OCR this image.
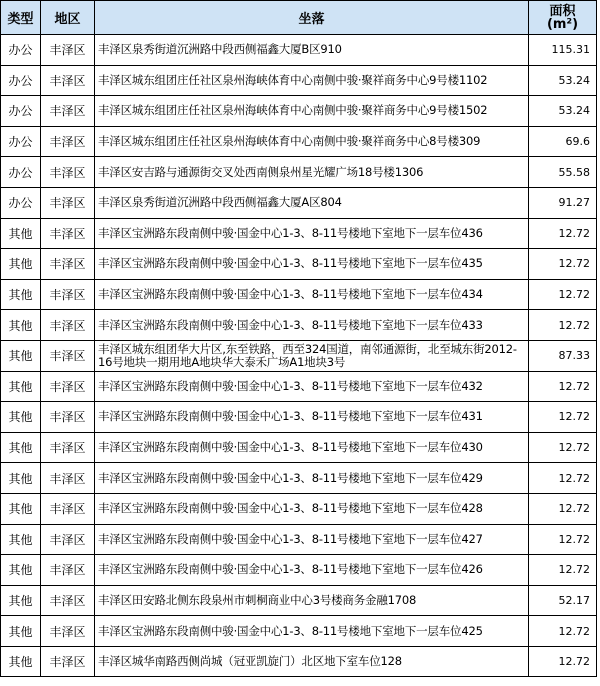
类型	地区	坐落	面积
(m²)

办公	丰泽区	丰泽区泉秀街道沉洲路中段西侧福鑫大厦B区910	115.31
办公	丰泽区	丰泽区城东组团庄任社区泉州海峡体育中心南侧中骏·聚祥商务中心9号楼1102	53.24
办公	丰泽区	丰泽区城东组团庄任社区泉州海峡体育中心南侧中骏·聚祥商务中心9号楼1502	53.24
办公	丰泽区	丰泽区城东组团庄任社区泉州海峡体育中心南侧中骏·聚祥商务中心8号楼309	69.6
办公	丰泽区	丰泽区安吉路与通源街交叉处西南侧泉州星光耀广场18号楼1306	55.58
办公	丰泽区	丰泽区泉秀街道沉洲路中段西侧福鑫大厦A区804	91.27
其他	丰泽区	丰泽区宝洲路东段南侧中骏·国金中心1-3、8-11号楼地下室地下一层车位436	12.72
其他	丰泽区	丰泽区宝洲路东段南侧中骏·国金中心1-3、8-11号楼地下室地下一层车位435	12.72
其他	丰泽区	丰泽区宝洲路东段南侧中骏·国金中心1-3、8-11号楼地下室地下一层车位434	12.72
其他	丰泽区	丰泽区宝洲路东段南侧中骏·国金中心1-3、8-11号楼地下室地下一层车位433	12.72
其他	丰泽区	丰泽区城东组团华大片区,东至铁路，西至324国道，南邻通源街，北至城东街2012-16号地块一期用地A地块华大泰禾广场A1地块3号	87.33
其他	丰泽区	丰泽区宝洲路东段南侧中骏·国金中心1-3、8-11号楼地下室地下一层车位432	12.72
其他	丰泽区	丰泽区宝洲路东段南侧中骏·国金中心1-3、8-11号楼地下室地下一层车位431	12.72
其他	丰泽区	丰泽区宝洲路东段南侧中骏·国金中心1-3、8-11号楼地下室地下一层车位430	12.72
其他	丰泽区	丰泽区宝洲路东段南侧中骏·国金中心1-3、8-11号楼地下室地下一层车位429	12.72
其他	丰泽区	丰泽区宝洲路东段南侧中骏·国金中心1-3、8-11号楼地下室地下一层车位428	12.72
其他	丰泽区	丰泽区宝洲路东段南侧中骏·国金中心1-3、8-11号楼地下室地下一层车位427	12.72
其他	丰泽区	丰泽区宝洲路东段南侧中骏·国金中心1-3、8-11号楼地下室地下一层车位426	12.72
其他	丰泽区	丰泽区田安路北侧东段泉州市刺桐商业中心3号楼商务金融1708	52.17
其他	丰泽区	丰泽区宝洲路东段南侧中骏·国金中心1-3、8-11号楼地下室地下一层车位425	12.72
其他	丰泽区	丰泽区城华南路西侧尚城（冠亚凯旋门）北区地下室车位128	12.72
